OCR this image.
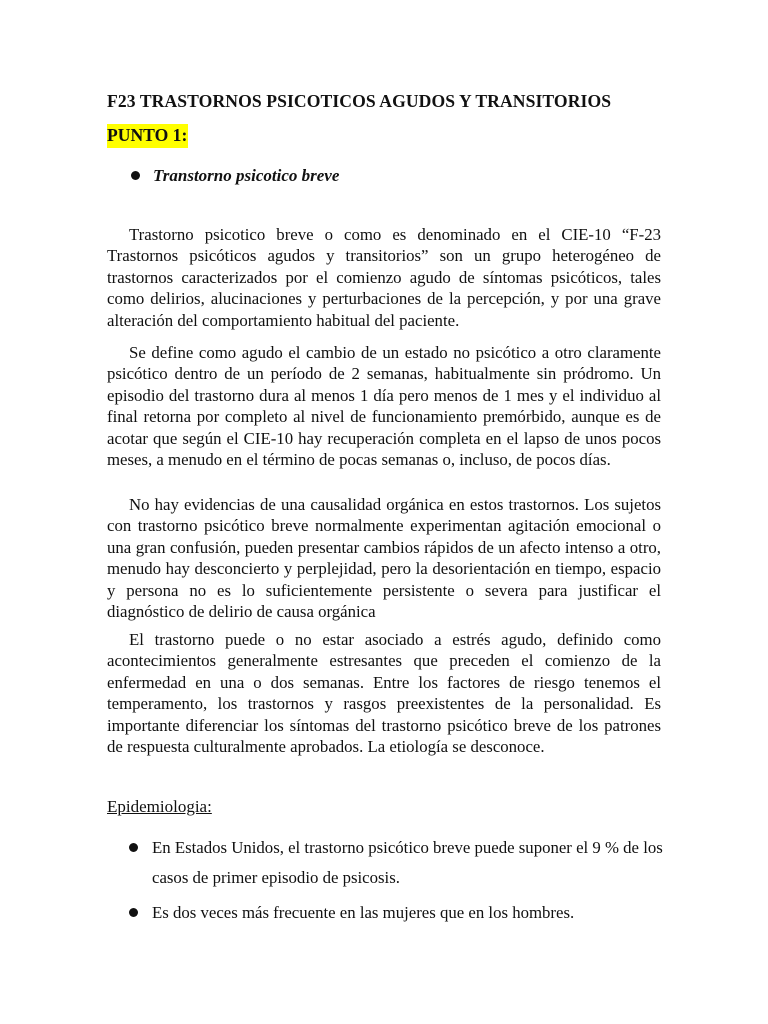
F23 TRASTORNOS PSICOTICOS AGUDOS Y TRANSITORIOS
PUNTO 1:
Transtorno psicotico breve

Trastorno psicotico breve o como es denominado en el CIE-10 “F-23 Trastornos psicóticos agudos y transitorios” son un grupo heterogéneo de trastornos caracterizados por el comienzo agudo de síntomas psicóticos, tales como delirios, alucinaciones y perturbaciones de la percepción, y por una grave alteración del comportamiento habitual del paciente.

Se define como agudo el cambio de un estado no psicótico a otro claramente psicótico dentro de un período de 2 semanas, habitualmente sin pródromo. Un episodio del trastorno dura al menos 1 día pero menos de 1 mes y el individuo al final retorna por completo al nivel de funcionamiento premórbido, aunque es de acotar que según el CIE-10 hay recuperación completa en el lapso de unos pocos meses, a menudo en el término de pocas semanas o, incluso, de pocos días.

No hay evidencias de una causalidad orgánica en estos trastornos. Los sujetos con trastorno psicótico breve normalmente experimentan agitación emocional o una gran confusión, pueden presentar cambios rápidos de un afecto intenso a otro, menudo hay desconcierto y perplejidad, pero la desorientación en tiempo, espacio y persona no es lo suficientemente persistente o severa para justificar el diagnóstico de delirio de causa orgánica

El trastorno puede o no estar asociado a estrés agudo, definido como acontecimientos generalmente estresantes que preceden el comienzo de la enfermedad en una o dos semanas. Entre los factores de riesgo tenemos el temperamento, los trastornos y rasgos preexistentes de la personalidad. Es importante diferenciar los síntomas del trastorno psicótico breve de los patrones de respuesta culturalmente aprobados. La etiología se desconoce.

Epidemiologia:

En Estados Unidos, el trastorno psicótico breve puede suponer el 9 % de los casos de primer episodio de psicosis.
Es dos veces más frecuente en las mujeres que en los hombres.
